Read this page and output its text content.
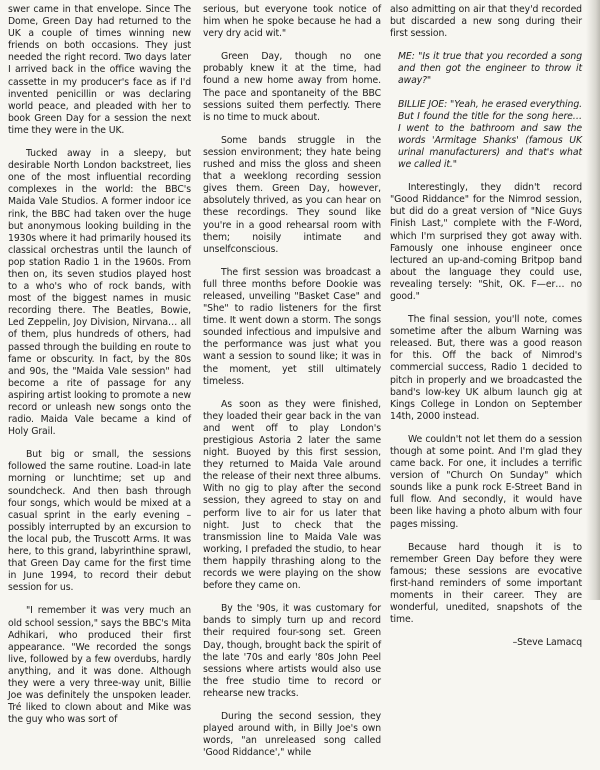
swer came in that envelope. Since The Dome, Green Day had returned to the UK a couple of times winning new friends on both occasions. They just needed the right record. Two days later I arrived back in the office waving the cassette in my producer's face as if I'd invented penicillin or was declaring world peace, and pleaded with her to book Green Day for a session the next time they were in the UK.

Tucked away in a sleepy, but desirable North London backstreet, lies one of the most influential recording complexes in the world: the BBC's Maida Vale Studios. A former indoor ice rink, the BBC had taken over the huge but anonymous looking building in the 1930s where it had primarily housed its classical orchestras until the launch of pop station Radio 1 in the 1960s. From then on, its seven studios played host to a who's who of rock bands, with most of the biggest names in music recording there. The Beatles, Bowie, Led Zeppelin, Joy Division, Nirvana… all of them, plus hundreds of others, had passed through the building en route to fame or obscurity. In fact, by the 80s and 90s, the "Maida Vale session" had become a rite of passage for any aspiring artist looking to promote a new record or unleash new songs onto the radio. Maida Vale became a kind of Holy Grail.

But big or small, the sessions followed the same routine. Load-in late morning or lunchtime; set up and soundcheck. And then bash through four songs, which would be mixed at a casual sprint in the early evening – possibly interrupted by an excursion to the local pub, the Truscott Arms. It was here, to this grand, labyrinthine sprawl, that Green Day came for the first time in June 1994, to record their debut session for us.

"I remember it was very much an old school session," says the BBC's Mita Adhikari, who produced their first appearance. "We recorded the songs live, followed by a few overdubs, hardly anything, and it was done. Although they were a very three-way unit, Billie Joe was definitely the unspoken leader. Tré liked to clown about and Mike was the guy who was sort of

serious, but everyone took notice of him when he spoke because he had a very dry acid wit."

Green Day, though no one probably knew it at the time, had found a new home away from home. The pace and spontaneity of the BBC sessions suited them perfectly. There is no time to muck about.

Some bands struggle in the session environment; they hate being rushed and miss the gloss and sheen that a weeklong recording session gives them. Green Day, however, absolutely thrived, as you can hear on these recordings. They sound like you're in a good rehearsal room with them; noisily intimate and unselfconscious.

The first session was broadcast a full three months before Dookie was released, unveiling "Basket Case" and "She" to radio listeners for the first time. It went down a storm. The songs sounded infectious and impulsive and the performance was just what you want a session to sound like; it was in the moment, yet still ultimately timeless.

As soon as they were finished, they loaded their gear back in the van and went off to play London's prestigious Astoria 2 later the same night. Buoyed by this first session, they returned to Maida Vale around the release of their next three albums. With no gig to play after the second session, they agreed to stay on and perform live to air for us later that night. Just to check that the transmission line to Maida Vale was working, I prefaded the studio, to hear them happily thrashing along to the records we were playing on the show before they came on.

By the '90s, it was customary for bands to simply turn up and record their required four-song set. Green Day, though, brought back the spirit of the late '70s and early '80s John Peel sessions where artists would also use the free studio time to record or rehearse new tracks.

During the second session, they played around with, in Billy Joe's own words, "an unreleased song called 'Good Riddance'," while

also admitting on air that they'd recorded but discarded a new song during their first session.

ME: "Is it true that you recorded a song and then got the engineer to throw it away?"

BILLIE JOE: "Yeah, he erased everything. But I found the title for the song here… I went to the bathroom and saw the words 'Armitage Shanks' (famous UK urinal manufacturers) and that's what we called it."

Interestingly, they didn't record "Good Riddance" for the Nimrod session, but did do a great version of "Nice Guys Finish Last," complete with the F-Word, which I'm surprised they got away with. Famously one inhouse engineer once lectured an up-and-coming Britpop band about the language they could use, revealing tersely: "Shit, OK. F—er… no good."

The final session, you'll note, comes sometime after the album Warning was released. But, there was a good reason for this. Off the back of Nimrod's commercial success, Radio 1 decided to pitch in properly and we broadcasted the band's low-key UK album launch gig at Kings College in London on September 14th, 2000 instead.

We couldn't not let them do a session though at some point. And I'm glad they came back. For one, it includes a terrific version of "Church On Sunday" which sounds like a punk rock E-Street Band in full flow. And secondly, it would have been like having a photo album with four pages missing.

Because hard though it is to remember Green Day before they were famous; these sessions are evocative first-hand reminders of some important moments in their career. They are wonderful, unedited, snapshots of the time.

–Steve Lamacq
